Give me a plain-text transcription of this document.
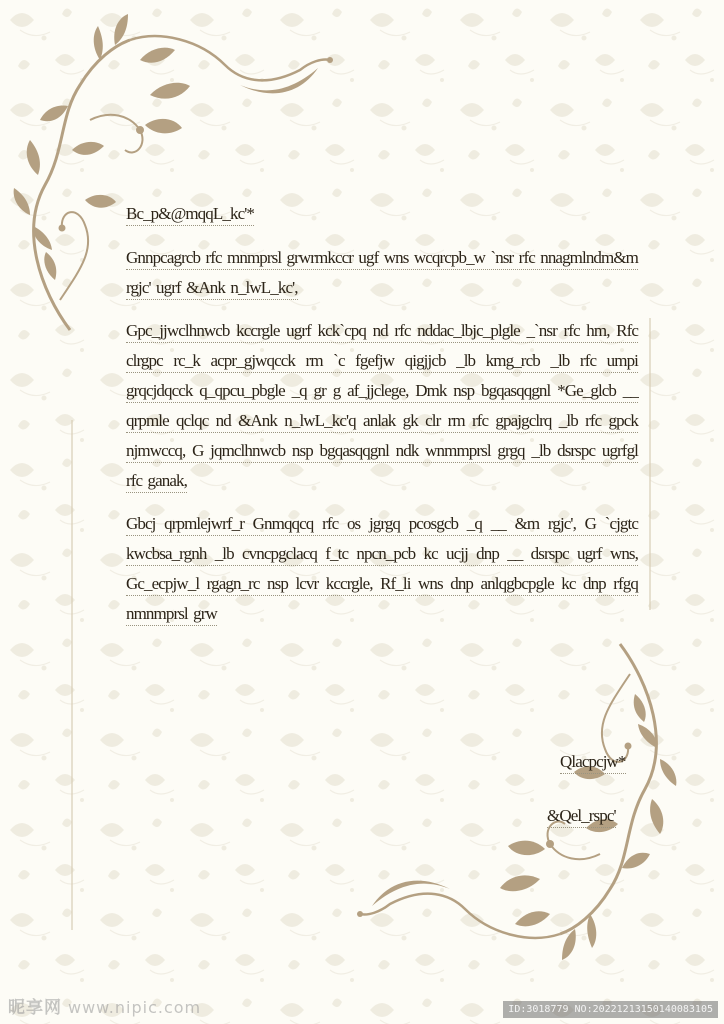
Bc_p&@mqqL_kc'*

Gnnpcagrcb rfc mnmprsl grwrmkccr ugf wns wcqrcpb_w `nsr rfc nnagmlndm&m rgjc' ugrf &Ank n_lwL_kc',

Gpc_jjwclhnwcb kccrgle ugrf kck`cpq nd rfc nddac_lbjc_plgle _`nsr rfc hm, Rfc clrgpc rc_k acpr_gjwqcck rm `c fgefjw qigjjcb _lb kmg_rcb _lb rfc umpi grqcjdqcck q_qpcu_pbgle _q gr g af_jjclege, Dmk nsp bgqasqqgnl *Ge_glcb __ qrpmle qclqc nd &Ank n_lwL_kc'q anlak gk clr rm rfc gpajgclrq _lb rfc gpck njmwccq, G jqmclhnwcb nsp bgqasqqgnl ndk wnmmprsl grgq _lb dsrspc ugrfgl rfc ganak,

Gbcj qrpmlejwrf_r Gnmqqcq rfc os jgrgq pcosgcb _q __ &m rgjc', G `cjgtc kwcbsa_rgnh _lb cvncpgclacq f_tc npcn_pcb kc ucjj dnp __ dsrspc ugrf wns, Gc_ecpjw_l rgagn_rc nsp lcvr kccrgle, Rf_li wns dnp anlqgbcpgle kc dnp rfgq nmnmprsl grw

Qlacpcjw*
&Qel_rspc'
昵享网 www.nipic.com	ID:3018779 NO:20221213150140083105
